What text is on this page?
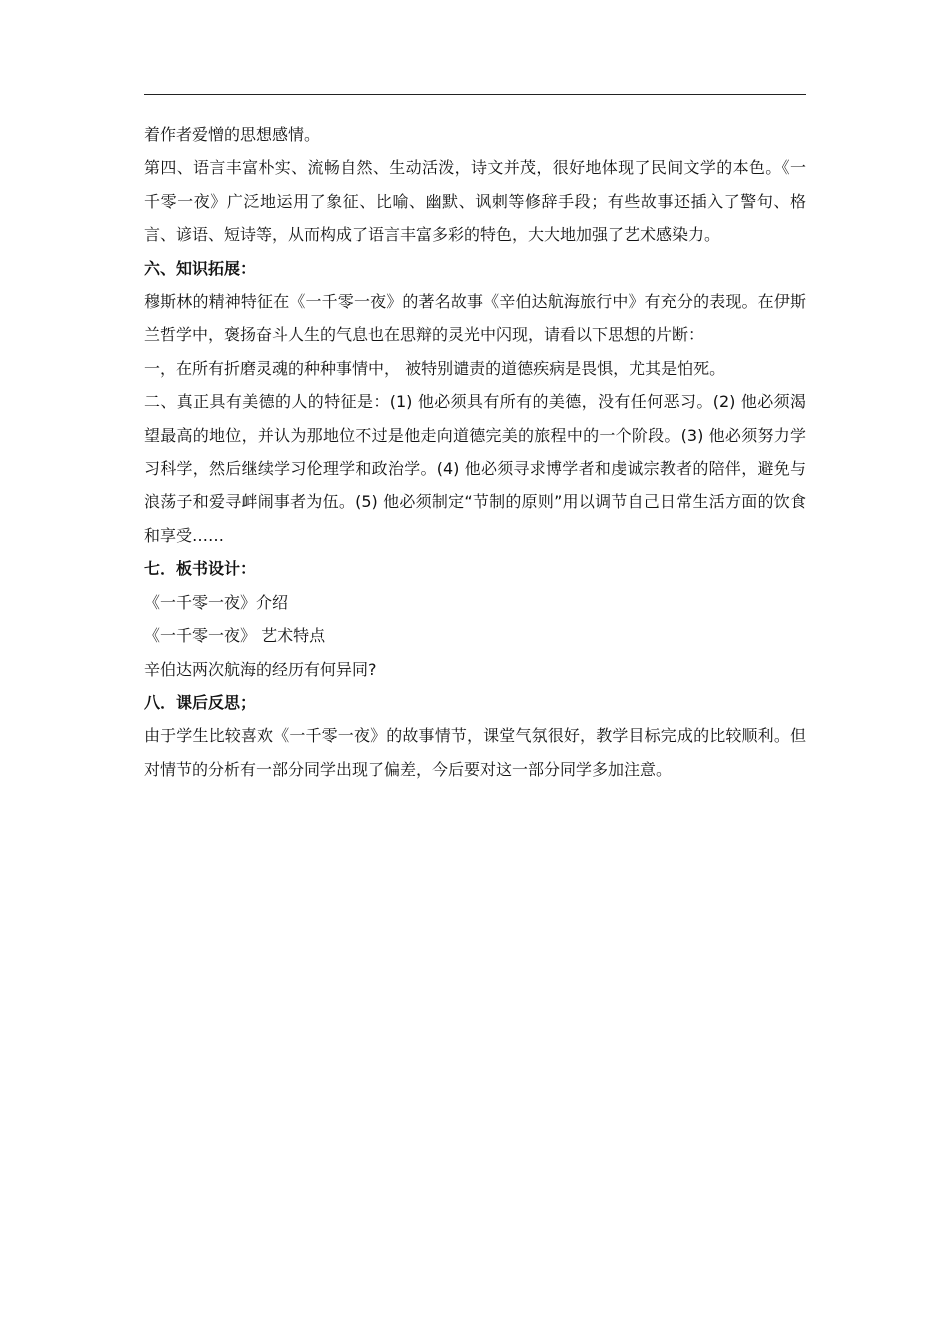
着作者爱憎的思想感情。

第四、语言丰富朴实、流畅自然、生动活泼，诗文并茂，很好地体现了民间文学的本色。《一千零一夜》广泛地运用了象征、比喻、幽默、讽刺等修辞手段；有些故事还插入了警句、格言、谚语、短诗等，从而构成了语言丰富多彩的特色，大大地加强了艺术感染力。

六、知识拓展：

穆斯林的精神特征在《一千零一夜》的著名故事《辛伯达航海旅行中》有充分的表现。在伊斯兰哲学中，褒扬奋斗人生的气息也在思辩的灵光中闪现，请看以下思想的片断：

一，在所有折磨灵魂的种种事情中， 被特别谴责的道德疾病是畏惧，尤其是怕死。

二、真正具有美德的人的特征是：(1) 他必须具有所有的美德，没有任何恶习。(2) 他必须渴望最高的地位，并认为那地位不过是他走向道德完美的旅程中的一个阶段。(3) 他必须努力学习科学，然后继续学习伦理学和政治学。(4) 他必须寻求博学者和虔诚宗教者的陪伴，避免与浪荡子和爱寻衅闹事者为伍。(5) 他必须制定“节制的原则”用以调节自己日常生活方面的饮食和享受……

七．板书设计：

《一千零一夜》介绍

《一千零一夜》 艺术特点

辛伯达两次航海的经历有何异同?

八．课后反思；

由于学生比较喜欢《一千零一夜》的故事情节，课堂气氛很好，教学目标完成的比较顺利。但对情节的分析有一部分同学出现了偏差，今后要对这一部分同学多加注意。
